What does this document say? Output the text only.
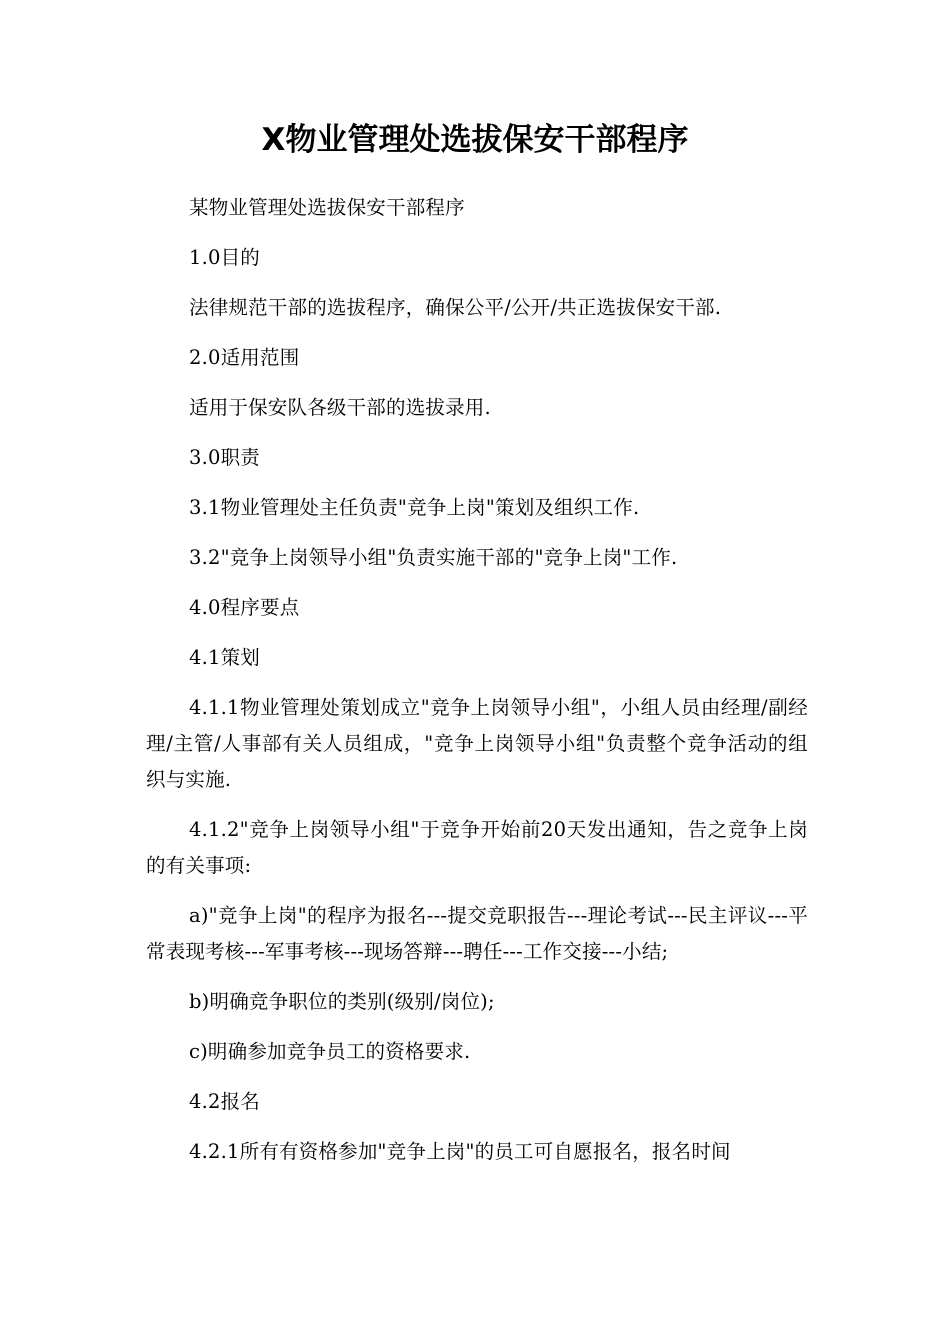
X物业管理处选拔保安干部程序

某物业管理处选拔保安干部程序

1.0目的

法律规范干部的选拔程序，确保公平/公开/共正选拔保安干部.

2.0适用范围

适用于保安队各级干部的选拔录用.

3.0职责

3.1物业管理处主任负责"竞争上岗"策划及组织工作.

3.2"竞争上岗领导小组"负责实施干部的"竞争上岗"工作.

4.0程序要点

4.1策划

4.1.1物业管理处策划成立"竞争上岗领导小组"，小组人员由经理/副经理/主管/人事部有关人员组成，"竞争上岗领导小组"负责整个竞争活动的组织与实施.

4.1.2"竞争上岗领导小组"于竞争开始前20天发出通知，告之竞争上岗的有关事项:

a)"竞争上岗"的程序为报名---提交竞职报告---理论考试---民主评议---平常表现考核---军事考核---现场答辩---聘任---工作交接---小结;

b)明确竞争职位的类别(级别/岗位);

c)明确参加竞争员工的资格要求.

4.2报名

4.2.1所有有资格参加"竞争上岗"的员工可自愿报名，报名时间
